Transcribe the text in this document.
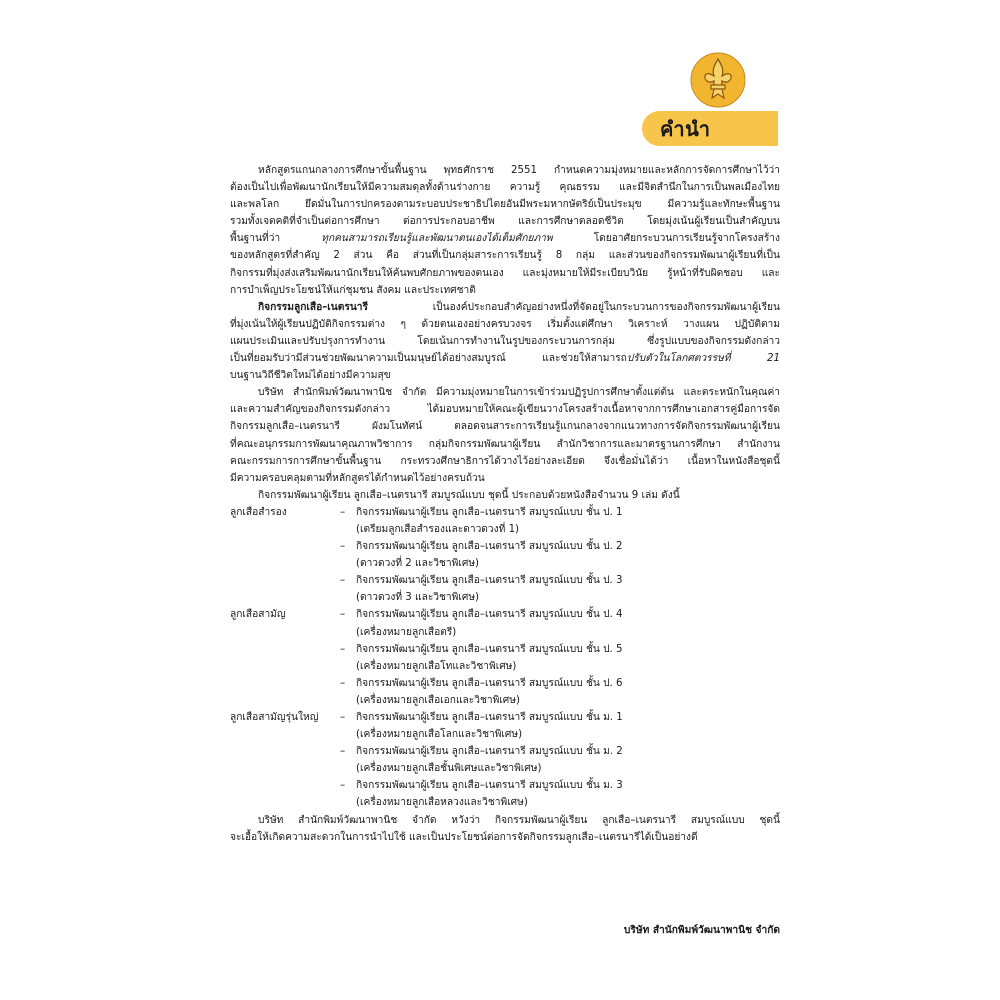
คำนำ

หลักสูตรแกนกลางการศึกษาขั้นพื้นฐาน พุทธศักราช 2551 กำหนดความมุ่งหมายและหลักการจัดการศึกษาไว้ว่า

ต้องเป็นไปเพื่อพัฒนานักเรียนให้มีความสมดุลทั้งด้านร่างกาย ความรู้ คุณธรรม และมีจิตสำนึกในการเป็นพลเมืองไทย

และพลโลก ยึดมั่นในการปกครองตามระบอบประชาธิปไตยอันมีพระมหากษัตริย์เป็นประมุข มีความรู้และทักษะพื้นฐาน

รวมทั้งเจตคติที่จำเป็นต่อการศึกษา ต่อการประกอบอาชีพ และการศึกษาตลอดชีวิต โดยมุ่งเน้นผู้เรียนเป็นสำคัญบน

พื้นฐานที่ว่า	ทุกคนสามารถเรียนรู้และพัฒนาตนเองได้เต็มศักยภาพ	โดยอาศัยกระบวนการเรียนรู้จากโครงสร้าง

ของหลักสูตรที่สำคัญ 2 ส่วน คือ ส่วนที่เป็นกลุ่มสาระการเรียนรู้ 8 กลุ่ม และส่วนของกิจกรรมพัฒนาผู้เรียนที่เป็น

กิจกรรมที่มุ่งส่งเสริมพัฒนานักเรียนให้ค้นพบศักยภาพของตนเอง และมุ่งหมายให้มีระเบียบวินัย รู้หน้าที่รับผิดชอบ และ

การบำเพ็ญประโยชน์ให้แก่ชุมชน สังคม และประเทศชาติ

กิจกรรมลูกเสือ–เนตรนารี	เป็นองค์ประกอบสำคัญอย่างหนึ่งที่จัดอยู่ในกระบวนการของกิจกรรมพัฒนาผู้เรียน

ที่มุ่งเน้นให้ผู้เรียนปฏิบัติกิจกรรมต่าง ๆ ด้วยตนเองอย่างครบวงจร เริ่มตั้งแต่ศึกษา วิเคราะห์ วางแผน ปฏิบัติตาม

แผนประเมินและปรับปรุงการทำงาน โดยเน้นการทำงานในรูปของกระบวนการกลุ่ม ซึ่งรูปแบบของกิจกรรมดังกล่าว

เป็นที่ยอมรับว่ามีส่วนช่วยพัฒนาความเป็นมนุษย์ได้อย่างสมบูรณ์ และช่วยให้สามารถปรับตัวในโลกศตวรรษที่ 21

บนฐานวิถีชีวิตใหม่ได้อย่างมีความสุข

บริษัท สำนักพิมพ์วัฒนาพานิช จำกัด มีความมุ่งหมายในการเข้าร่วมปฏิรูปการศึกษาตั้งแต่ต้น และตระหนักในคุณค่า

และความสำคัญของกิจกรรมดังกล่าว ได้มอบหมายให้คณะผู้เขียนวางโครงสร้างเนื้อหาจากการศึกษาเอกสารคู่มือการจัด

กิจกรรมลูกเสือ–เนตรนารี ผังมโนทัศน์ ตลอดจนสาระการเรียนรู้แกนกลางจากแนวทางการจัดกิจกรรมพัฒนาผู้เรียน

ที่คณะอนุกรรมการพัฒนาคุณภาพวิชาการ กลุ่มกิจกรรมพัฒนาผู้เรียน สำนักวิชาการและมาตรฐานการศึกษา สำนักงาน

คณะกรรมการการศึกษาขั้นพื้นฐาน กระทรวงศึกษาธิการได้วางไว้อย่างละเอียด จึงเชื่อมั่นได้ว่า เนื้อหาในหนังสือชุดนี้

มีความครอบคลุมตามที่หลักสูตรได้กำหนดไว้อย่างครบถ้วน

กิจกรรมพัฒนาผู้เรียน ลูกเสือ–เนตรนารี สมบูรณ์แบบ ชุดนี้ ประกอบด้วยหนังสือจำนวน 9 เล่ม ดังนี้

ลูกเสือสำรอง	–	กิจกรรมพัฒนาผู้เรียน ลูกเสือ–เนตรนารี สมบูรณ์แบบ ชั้น ป. 1
(เตรียมลูกเสือสำรองและดาวดวงที่ 1)
–	กิจกรรมพัฒนาผู้เรียน ลูกเสือ–เนตรนารี สมบูรณ์แบบ ชั้น ป. 2
(ดาวดวงที่ 2 และวิชาพิเศษ)
–	กิจกรรมพัฒนาผู้เรียน ลูกเสือ–เนตรนารี สมบูรณ์แบบ ชั้น ป. 3
(ดาวดวงที่ 3 และวิชาพิเศษ)
ลูกเสือสามัญ	–	กิจกรรมพัฒนาผู้เรียน ลูกเสือ–เนตรนารี สมบูรณ์แบบ ชั้น ป. 4
(เครื่องหมายลูกเสือตรี)
–	กิจกรรมพัฒนาผู้เรียน ลูกเสือ–เนตรนารี สมบูรณ์แบบ ชั้น ป. 5
(เครื่องหมายลูกเสือโทและวิชาพิเศษ)
–	กิจกรรมพัฒนาผู้เรียน ลูกเสือ–เนตรนารี สมบูรณ์แบบ ชั้น ป. 6
(เครื่องหมายลูกเสือเอกและวิชาพิเศษ)
ลูกเสือสามัญรุ่นใหญ่	–	กิจกรรมพัฒนาผู้เรียน ลูกเสือ–เนตรนารี สมบูรณ์แบบ ชั้น ม. 1
(เครื่องหมายลูกเสือโลกและวิชาพิเศษ)
–	กิจกรรมพัฒนาผู้เรียน ลูกเสือ–เนตรนารี สมบูรณ์แบบ ชั้น ม. 2
(เครื่องหมายลูกเสือชั้นพิเศษและวิชาพิเศษ)
–	กิจกรรมพัฒนาผู้เรียน ลูกเสือ–เนตรนารี สมบูรณ์แบบ ชั้น ม. 3
(เครื่องหมายลูกเสือหลวงและวิชาพิเศษ)

บริษัท สำนักพิมพ์วัฒนาพานิช จำกัด หวังว่า กิจกรรมพัฒนาผู้เรียน ลูกเสือ–เนตรนารี สมบูรณ์แบบ ชุดนี้

จะเอื้อให้เกิดความสะดวกในการนำไปใช้ และเป็นประโยชน์ต่อการจัดกิจกรรมลูกเสือ–เนตรนารีได้เป็นอย่างดี

บริษัท สำนักพิมพ์วัฒนาพานิช จำกัด
